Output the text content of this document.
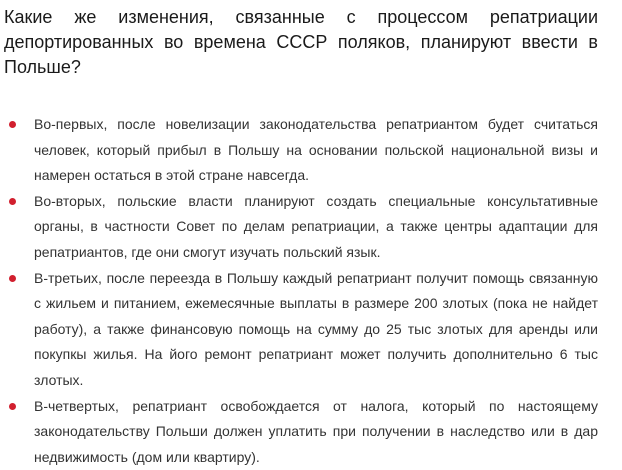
Какие же изменения, связанные с процессом репатриации депортированных во времена СССР поляков, планируют ввести в Польше?
Во-первых, после новелизации законодательства репатриантом будет считаться человек, который прибыл в Польшу на основании польской национальной визы и намерен остаться в этой стране навсегда.
Во-вторых, польские власти планируют создать специальные консультативные органы, в частности Совет по делам репатриации, а также центры адаптации для репатриантов, где они смогут изучать польский язык.
В-третьих, после переезда в Польшу каждый репатриант получит помощь связанную с жильем и питанием, ежемесячные выплаты в размере 200 злотых (пока не найдет работу), а также финансовую помощь на сумму до 25 тыс злотых для аренды или покупкы жилья. На його ремонт репатриант может получить дополнительно 6 тыс злотых.
В-четвертых, репатриант освобождается от налога, который по настоящему законодательству Польши должен уплатить при получении в наследство или в дар недвижимость (дом или квартиру).
